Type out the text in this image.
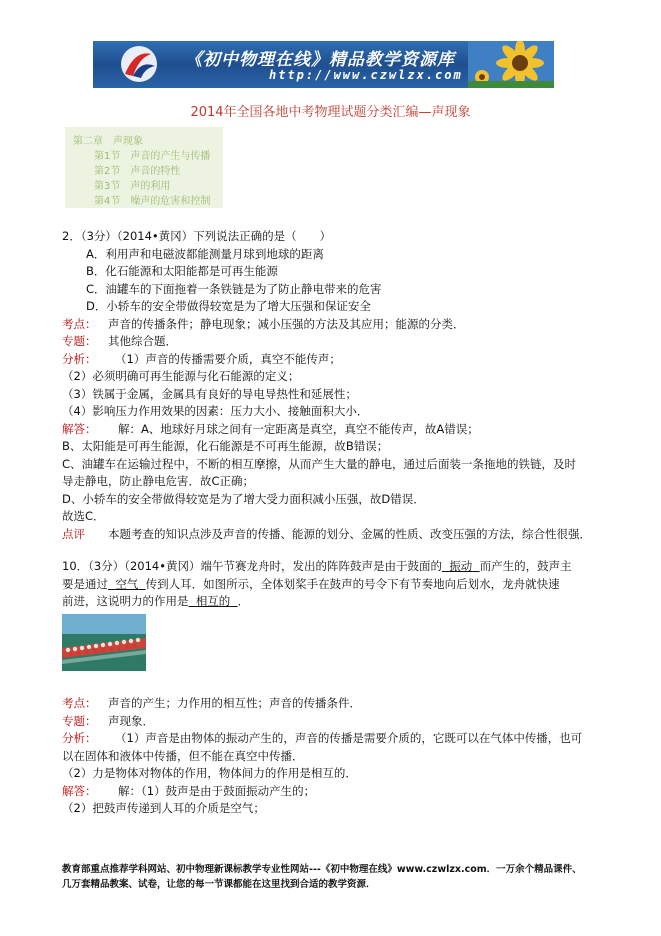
《初中物理在线》精品教学资源库
http://www.czwlzx.com
2014年全国各地中考物理试题分类汇编—声现象
第二章　声现象
第1节　声音的产生与传播
第2节　声音的特性
第3节　声的利用
第4节　噪声的危害和控制
2．（3分）（2014•黄冈）下列说法正确的是（　　）
A．利用声和电磁波都能测量月球到地球的距离
B．化石能源和太阳能都是可再生能源
C．油罐车的下面拖着一条铁链是为了防止静电带来的危害
D．小轿车的安全带做得较宽是为了增大压强和保证安全
考点： 声音的传播条件；静电现象；减小压强的方法及其应用；能源的分类．
专题： 其他综合题．
分析： （1）声音的传播需要介质，真空不能传声；
（2）必须明确可再生能源与化石能源的定义；
（3）铁属于金属，金属具有良好的导电导热性和延展性；
（4）影响压力作用效果的因素：压力大小、接触面积大小．
解答： 解：A、地球好月球之间有一定距离是真空，真空不能传声，故A错误；
B、太阳能是可再生能源，化石能源是不可再生能源，故B错误；
C、油罐车在运输过程中，不断的相互摩擦，从而产生大量的静电，通过后面装一条拖地的铁链，及时
导走静电，防止静电危害．故C正确；
D、小轿车的安全带做得较宽是为了增大受力面积减小压强，故D错误．
故选C．
点评 本题考查的知识点涉及声音的传播、能源的划分、金属的性质、改变压强的方法，综合性很强．
10．（3分）（2014•黄冈）端午节赛龙舟时，发出的阵阵鼓声是由于鼓面的 振动 而产生的，鼓声主
要是通过 空气 传到人耳．如图所示，全体划桨手在鼓声的号令下有节奏地向后划水，龙舟就快速
前进，这说明力的作用是 相互的 ．
考点： 声音的产生；力作用的相互性；声音的传播条件．
专题： 声现象．
分析： （1）声音是由物体的振动产生的，声音的传播是需要介质的，它既可以在气体中传播，也可
以在固体和液体中传播，但不能在真空中传播．
（2）力是物体对物体的作用，物体间力的作用是相互的．
解答： 解：（1）鼓声是由于鼓面振动产生的；
（2）把鼓声传递到人耳的介质是空气；
教育部重点推荐学科网站、初中物理新课标教学专业性网站---《初中物理在线》www.czwlzx.com．一万余个精品课件、
几万套精品教案、试卷，让您的每一节课都能在这里找到合适的教学资源．
